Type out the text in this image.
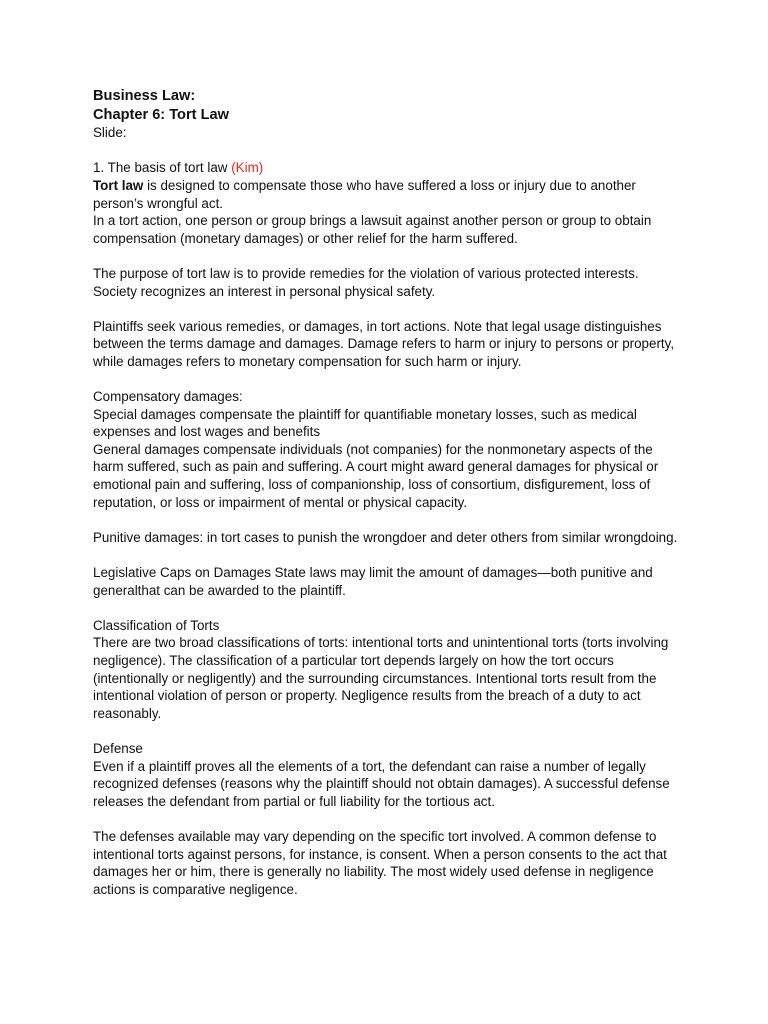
Business Law:
Chapter 6: Tort Law
Slide:
1. The basis of tort law (Kim)
Tort law is designed to compensate those who have suffered a loss or injury due to another person’s wrongful act.
In a tort action, one person or group brings a lawsuit against another person or group to obtain compensation (monetary damages) or other relief for the harm suffered.
The purpose of tort law is to provide remedies for the violation of various protected interests. Society recognizes an interest in personal physical safety.
Plaintiffs seek various remedies, or damages, in tort actions. Note that legal usage distinguishes between the terms damage and damages. Damage refers to harm or injury to persons or property, while damages refers to monetary compensation for such harm or injury.
Compensatory damages:
Special damages compensate the plaintiff for quantifiable monetary losses, such as medical expenses and lost wages and benefits
General damages compensate individuals (not companies) for the nonmonetary aspects of the harm suffered, such as pain and suffering. A court might award general damages for physical or emotional pain and suffering, loss of companionship, loss of consortium, disfigurement, loss of reputation, or loss or impairment of mental or physical capacity.
Punitive damages: in tort cases to punish the wrongdoer and deter others from similar wrongdoing.
Legislative Caps on Damages State laws may limit the amount of damages—both punitive and generalthat can be awarded to the plaintiff.
Classification of Torts
There are two broad classifications of torts: intentional torts and unintentional torts (torts involving negligence). The classification of a particular tort depends largely on how the tort occurs (intentionally or negligently) and the surrounding circumstances. Intentional torts result from the intentional violation of person or property. Negligence results from the breach of a duty to act reasonably.
Defense
Even if a plaintiff proves all the elements of a tort, the defendant can raise a number of legally recognized defenses (reasons why the plaintiff should not obtain damages). A successful defense releases the defendant from partial or full liability for the tortious act.
The defenses available may vary depending on the specific tort involved. A common defense to intentional torts against persons, for instance, is consent. When a person consents to the act that damages her or him, there is generally no liability. The most widely used defense in negligence actions is comparative negligence.
